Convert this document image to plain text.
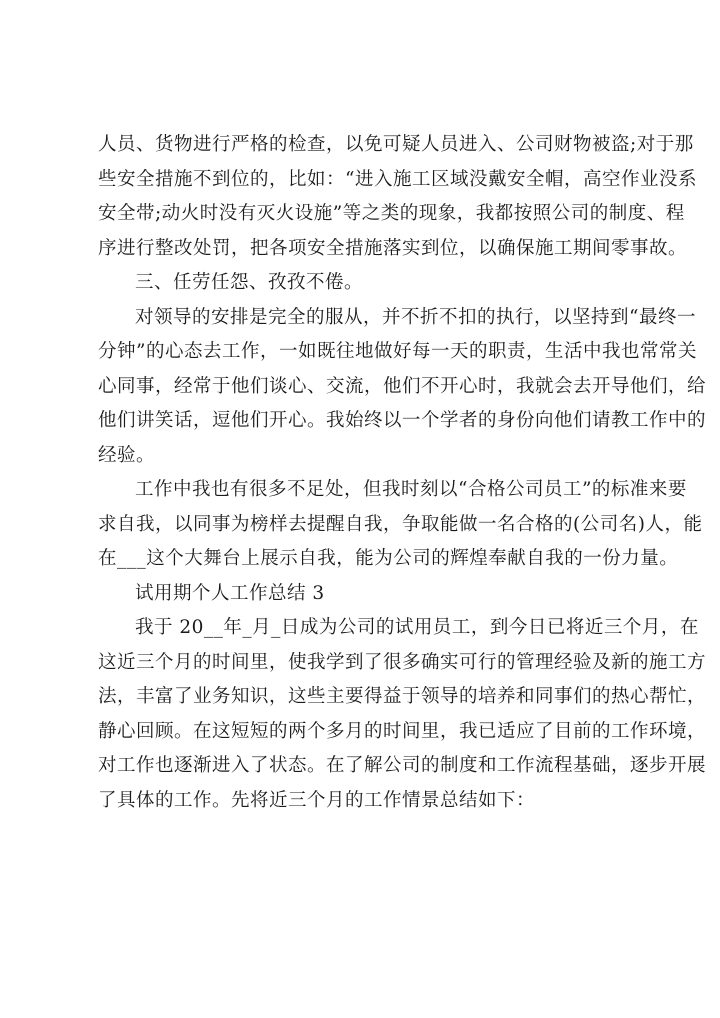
人员、货物进行严格的检查，以免可疑人员进入、公司财物被盗;对于那
些安全措施不到位的，比如：“进入施工区域没戴安全帽，高空作业没系
安全带;动火时没有灭火设施”等之类的现象，我都按照公司的制度、程
序进行整改处罚，把各项安全措施落实到位，以确保施工期间零事故。
三、任劳任怨、孜孜不倦。
对领导的安排是完全的服从，并不折不扣的执行，以坚持到“最终一
分钟”的心态去工作，一如既往地做好每一天的职责，生活中我也常常关
心同事，经常于他们谈心、交流，他们不开心时，我就会去开导他们，给
他们讲笑话，逗他们开心。我始终以一个学者的身份向他们请教工作中的
经验。
工作中我也有很多不足处，但我时刻以“合格公司员工”的标准来要
求自我，以同事为榜样去提醒自我，争取能做一名合格的(公司名)人，能
在___这个大舞台上展示自我，能为公司的辉煌奉献自我的一份力量。
试用期个人工作总结 3
我于 20__年_月_日成为公司的试用员工，到今日已将近三个月，在
这近三个月的时间里，使我学到了很多确实可行的管理经验及新的施工方
法，丰富了业务知识，这些主要得益于领导的培养和同事们的热心帮忙，
静心回顾。在这短短的两个多月的时间里，我已适应了目前的工作环境，
对工作也逐渐进入了状态。在了解公司的制度和工作流程基础，逐步开展
了具体的工作。先将近三个月的工作情景总结如下：
